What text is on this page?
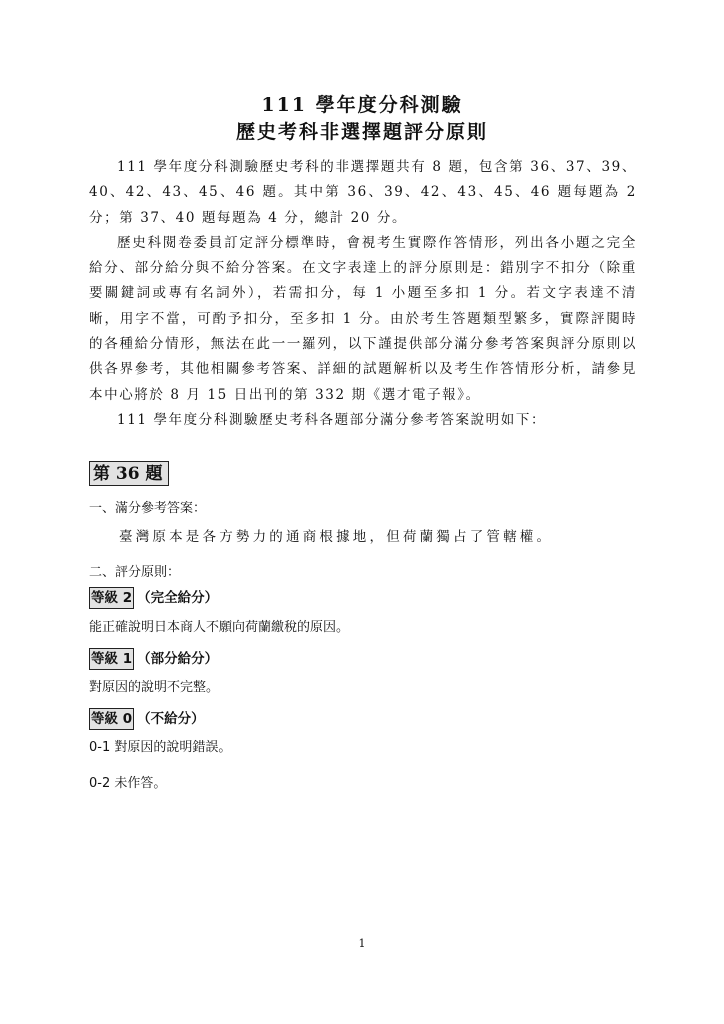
111 學年度分科測驗
歷史考科非選擇題評分原則

111 學年度分科測驗歷史考科的非選擇題共有 8 題，包含第 36、37、39、40、42、43、45、46 題。其中第 36、39、42、43、45、46 題每題為 2 分；第 37、40 題每題為 4 分，總計 20 分。

歷史科閱卷委員訂定評分標準時，會視考生實際作答情形，列出各小題之完全給分、部分給分與不給分答案。在文字表達上的評分原則是：錯別字不扣分（除重要關鍵詞或專有名詞外），若需扣分，每 1 小題至多扣 1 分。若文字表達不清晰，用字不當，可酌予扣分，至多扣 1 分。由於考生答題類型繁多，實際評閱時的各種給分情形，無法在此一一羅列，以下謹提供部分滿分參考答案與評分原則以供各界參考，其他相關參考答案、詳細的試題解析以及考生作答情形分析，請參見本中心將於 8 月 15 日出刊的第 332 期《選才電子報》。

111 學年度分科測驗歷史考科各題部分滿分參考答案說明如下：

第 36 題
一、滿分參考答案：
臺灣原本是各方勢力的通商根據地，但荷蘭獨占了管轄權。
二、評分原則：
等級 2 （完全給分）
能正確說明日本商人不願向荷蘭繳稅的原因。
等級 1 （部分給分）
對原因的說明不完整。
等級 0 （不給分）
0-1 對原因的說明錯誤。
0-2 未作答。
1
